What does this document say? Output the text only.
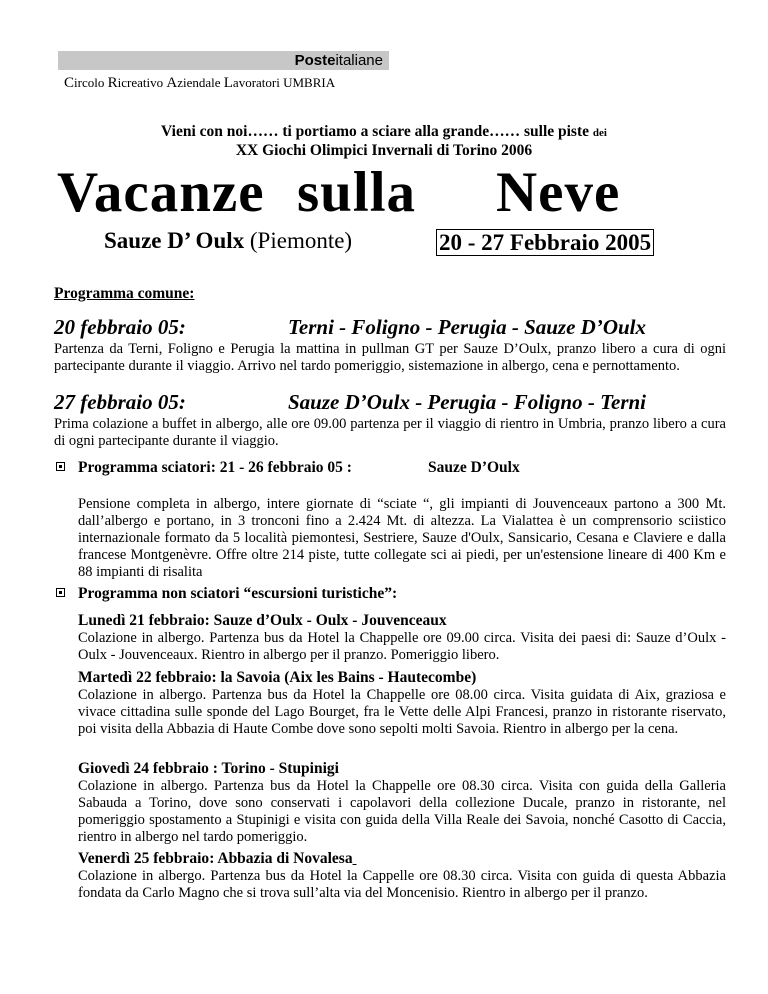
Posteitaliane
Circolo Ricreativo Aziendale Lavoratori UMBRIA
Vieni con noi…… ti portiamo a sciare alla grande…… sulle piste dei
XX Giochi Olimpici Invernali di Torino 2006
Vacanze sulla Neve
Sauze D’ Oulx (Piemonte)	20 - 27 Febbraio 2005
Programma comune:
20 febbraio 05:	Terni - Foligno - Perugia - Sauze D’Oulx
Partenza da Terni, Foligno e Perugia la mattina in pullman GT per Sauze D’Oulx, pranzo libero a cura di ogni partecipante durante il viaggio. Arrivo nel tardo pomeriggio, sistemazione in albergo, cena e pernottamento.
27 febbraio 05:	Sauze D’Oulx - Perugia - Foligno - Terni
Prima colazione a buffet in albergo, alle ore 09.00 partenza per il viaggio di rientro in Umbria, pranzo libero a cura di ogni partecipante durante il viaggio.
Programma sciatori: 21 - 26 febbraio 05 :	Sauze D’Oulx
Pensione completa in albergo, intere giornate di “sciate “, gli impianti di Jouvenceaux partono a 300 Mt. dall’albergo e portano, in 3 tronconi fino a 2.424 Mt. di altezza. La Vialattea è un comprensorio sciistico internazionale formato da 5 località piemontesi, Sestriere, Sauze d'Oulx, Sansicario, Cesana e Claviere e dalla francese Montgenèvre. Offre oltre 214 piste, tutte collegate sci ai piedi, per un'estensione lineare di 400 Km e 88 impianti di risalita
Programma non sciatori “escursioni turistiche”:
Lunedì 21 febbraio: Sauze d’Oulx - Oulx - Jouvenceaux
Colazione in albergo. Partenza bus da Hotel la Chappelle ore 09.00 circa. Visita dei paesi di: Sauze d’Oulx - Oulx - Jouvenceaux. Rientro in albergo per il pranzo. Pomeriggio libero.
Martedì 22 febbraio: la Savoia (Aix les Bains - Hautecombe)
Colazione in albergo. Partenza bus da Hotel la Chappelle ore 08.00 circa. Visita guidata di Aix, graziosa e vivace cittadina sulle sponde del Lago Bourget, fra le Vette delle Alpi Francesi, pranzo in ristorante riservato, poi visita della Abbazia di Haute Combe dove sono sepolti molti Savoia. Rientro in albergo per la cena.
Giovedì 24 febbraio : Torino - Stupinigi
Colazione in albergo. Partenza bus da Hotel la Chappelle ore 08.30 circa. Visita con guida della Galleria Sabauda a Torino, dove sono conservati i capolavori della collezione Ducale, pranzo in ristorante, nel pomeriggio spostamento a Stupinigi e visita con guida della Villa Reale dei Savoia, nonché Casotto di Caccia, rientro in albergo nel tardo pomeriggio.
Venerdì 25 febbraio: Abbazia di Novalesa
Colazione in albergo. Partenza bus da Hotel la Cappelle ore 08.30 circa. Visita con guida di questa Abbazia fondata da Carlo Magno che si trova sull’alta via del Moncenisio. Rientro in albergo per il pranzo.
